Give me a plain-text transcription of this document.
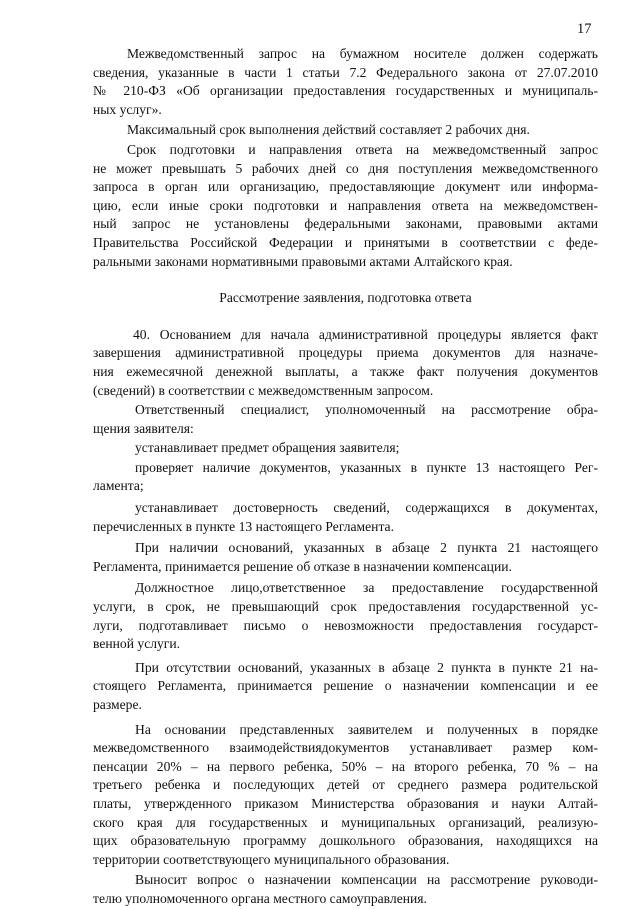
17

Межведомственный запрос на бумажном носителе должен содержать
сведения, указанные в части 1 статьи 7.2 Федерального закона от 27.07.2010
№ 210-ФЗ «Об организации предоставления государственных и муниципаль-
ных услуг».

Максимальный срок выполнения действий составляет 2 рабочих дня.

Срок подготовки и направления ответа на межведомственный запрос
не может превышать 5 рабочих дней со дня поступления межведомственного
запроса в орган или организацию, предоставляющие документ или информа-
цию, если иные сроки подготовки и направления ответа на межведомствен-
ный запрос не установлены федеральными законами, правовыми актами
Правительства Российской Федерации и принятыми в соответствии с феде-
ральными законами нормативными правовыми актами Алтайского края.

Рассмотрение заявления, подготовка ответа

40. Основанием для начала административной процедуры является факт
завершения административной процедуры приема документов для назначе-
ния ежемесячной денежной выплаты, а также факт получения документов
(сведений) в соответствии с межведомственным запросом.

Ответственный специалист, уполномоченный на рассмотрение обра-
щения заявителя:

устанавливает предмет обращения заявителя;

проверяет наличие документов, указанных в пункте 13 настоящего Рег-
ламента;

устанавливает достоверность сведений, содержащихся в документах,
перечисленных в пункте 13 настоящего Регламента.

При наличии оснований, указанных в абзаце 2 пункта 21 настоящего
Регламента, принимается решение об отказе в назначении компенсации.

Должностное лицо,ответственное за предоставление государственной
услуги, в срок, не превышающий срок предоставления государственной ус-
луги, подготавливает письмо о невозможности предоставления государст-
венной услуги.

При отсутствии оснований, указанных в абзаце 2 пункта в пункте 21 на-
стоящего Регламента, принимается решение о назначении компенсации и ее
размере.

На основании представленных заявителем и полученных в порядке
межведомственного взаимодействиядокументов устанавливает размер ком-
пенсации 20% – на первого ребенка, 50% – на второго ребенка, 70 % – на
третьего ребенка и последующих детей от среднего размера родительской
платы, утвержденного приказом Министерства образования и науки Алтай-
ского края для государственных и муниципальных организаций, реализую-
щих образовательную программу дошкольного образования, находящихся на
территории соответствующего муниципального образования.

Выносит вопрос о назначении компенсации на рассмотрение руководи-
телю уполномоченного органа местного самоуправления.
